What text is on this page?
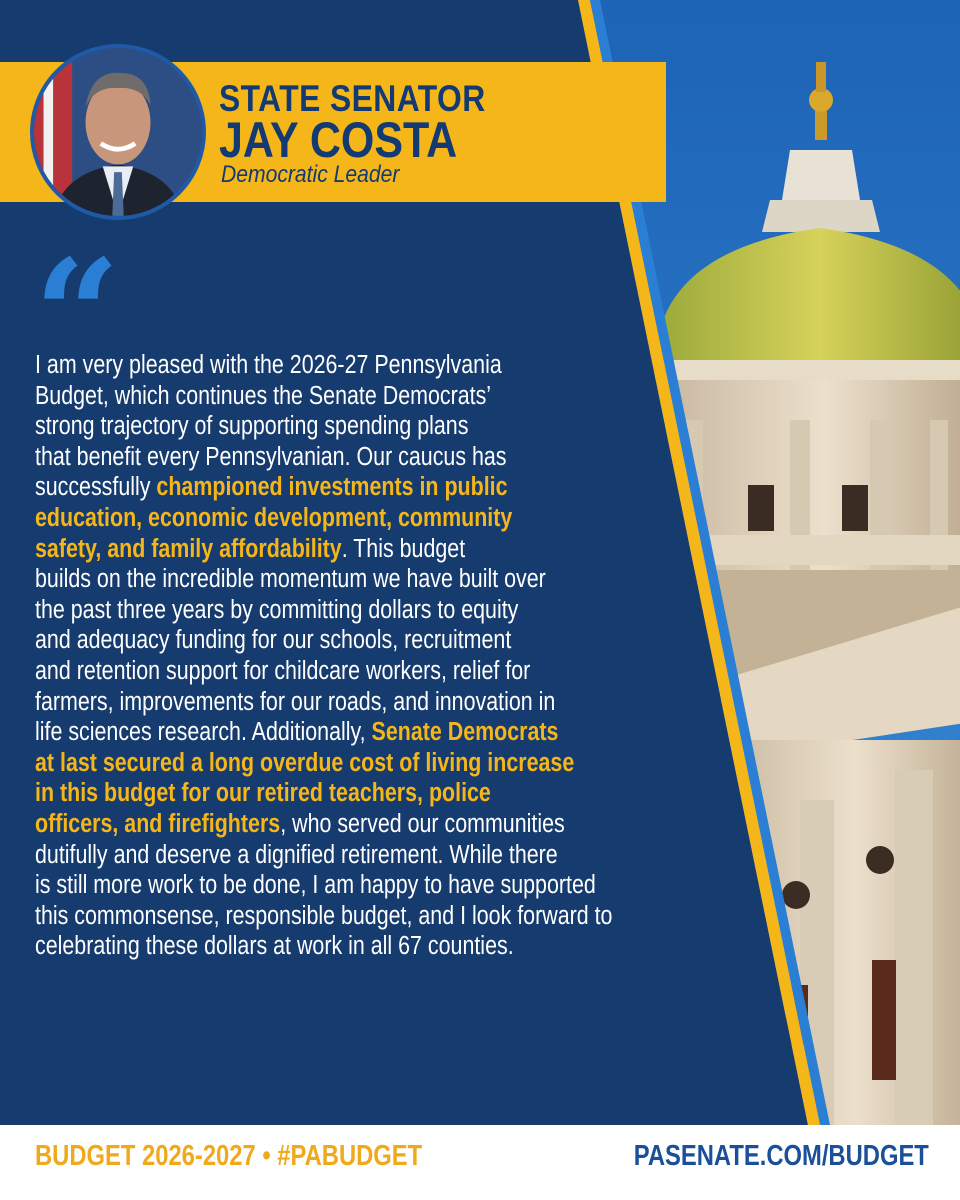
STATE SENATOR
JAY COSTA
Democratic Leader
“
I am very pleased with the 2026-27 Pennsylvania
Budget, which continues the Senate Democrats’
strong trajectory of supporting spending plans
that benefit every Pennsylvanian. Our caucus has
successfully championed investments in public
education, economic development, community
safety, and family affordability. This budget
builds on the incredible momentum we have built over
the past three years by committing dollars to equity
and adequacy funding for our schools, recruitment
and retention support for childcare workers, relief for
farmers, improvements for our roads, and innovation in
life sciences research. Additionally, Senate Democrats
at last secured a long overdue cost of living increase
in this budget for our retired teachers, police
officers, and firefighters, who served our communities
dutifully and deserve a dignified retirement. While there
is still more work to be done, I am happy to have supported
this commonsense, responsible budget, and I look forward to
celebrating these dollars at work in all 67 counties.
BUDGET 2026-2027 • #PABUDGET	PASENATE.COM/BUDGET
